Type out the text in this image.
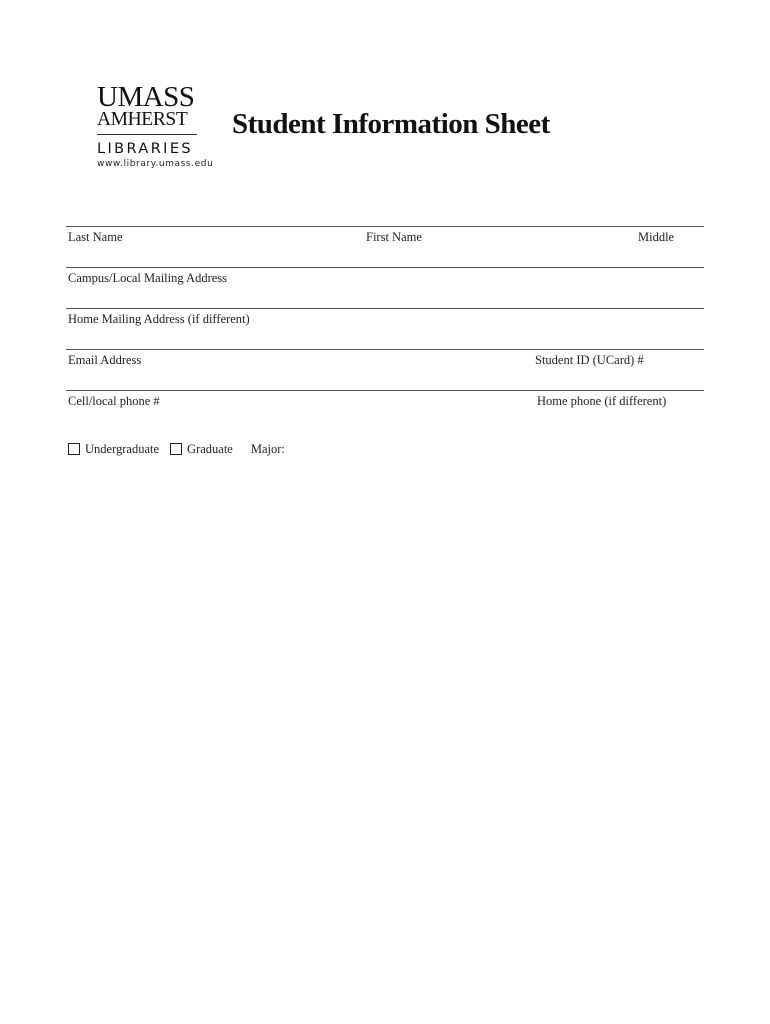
UMASS
AMHERST
LIBRARIES
www.library.umass.edu
Student Information Sheet
Last Name	First Name	Middle
Campus/Local Mailing Address
Home Mailing Address (if different)
Email Address	Student ID (UCard) #
Cell/local phone #	Home phone (if different)
Undergraduate Graduate Major:
